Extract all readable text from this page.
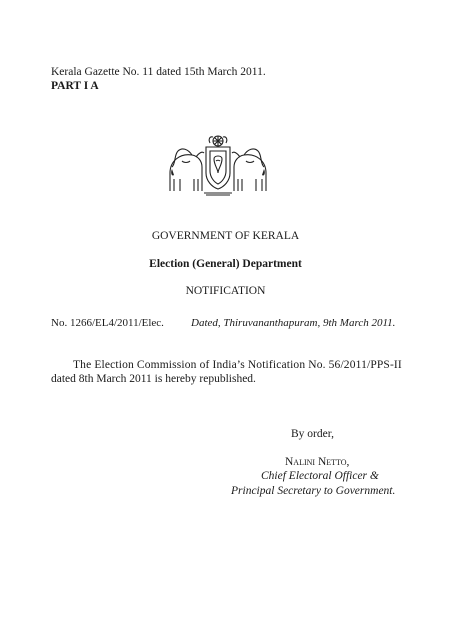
Kerala Gazette No. 11 dated 15th March 2011.
PART I A
GOVERNMENT OF KERALA
Election (General) Department
NOTIFICATION
No. 1266/EL4/2011/Elec. Dated, Thiruvananthapuram, 9th March 2011.
The Election Commission of India’s Notification No. 56/2011/PPS-II
dated 8th March 2011 is hereby republished.
By order,
Nalini Netto,
Chief Electoral Officer &
Principal Secretary to Government.
